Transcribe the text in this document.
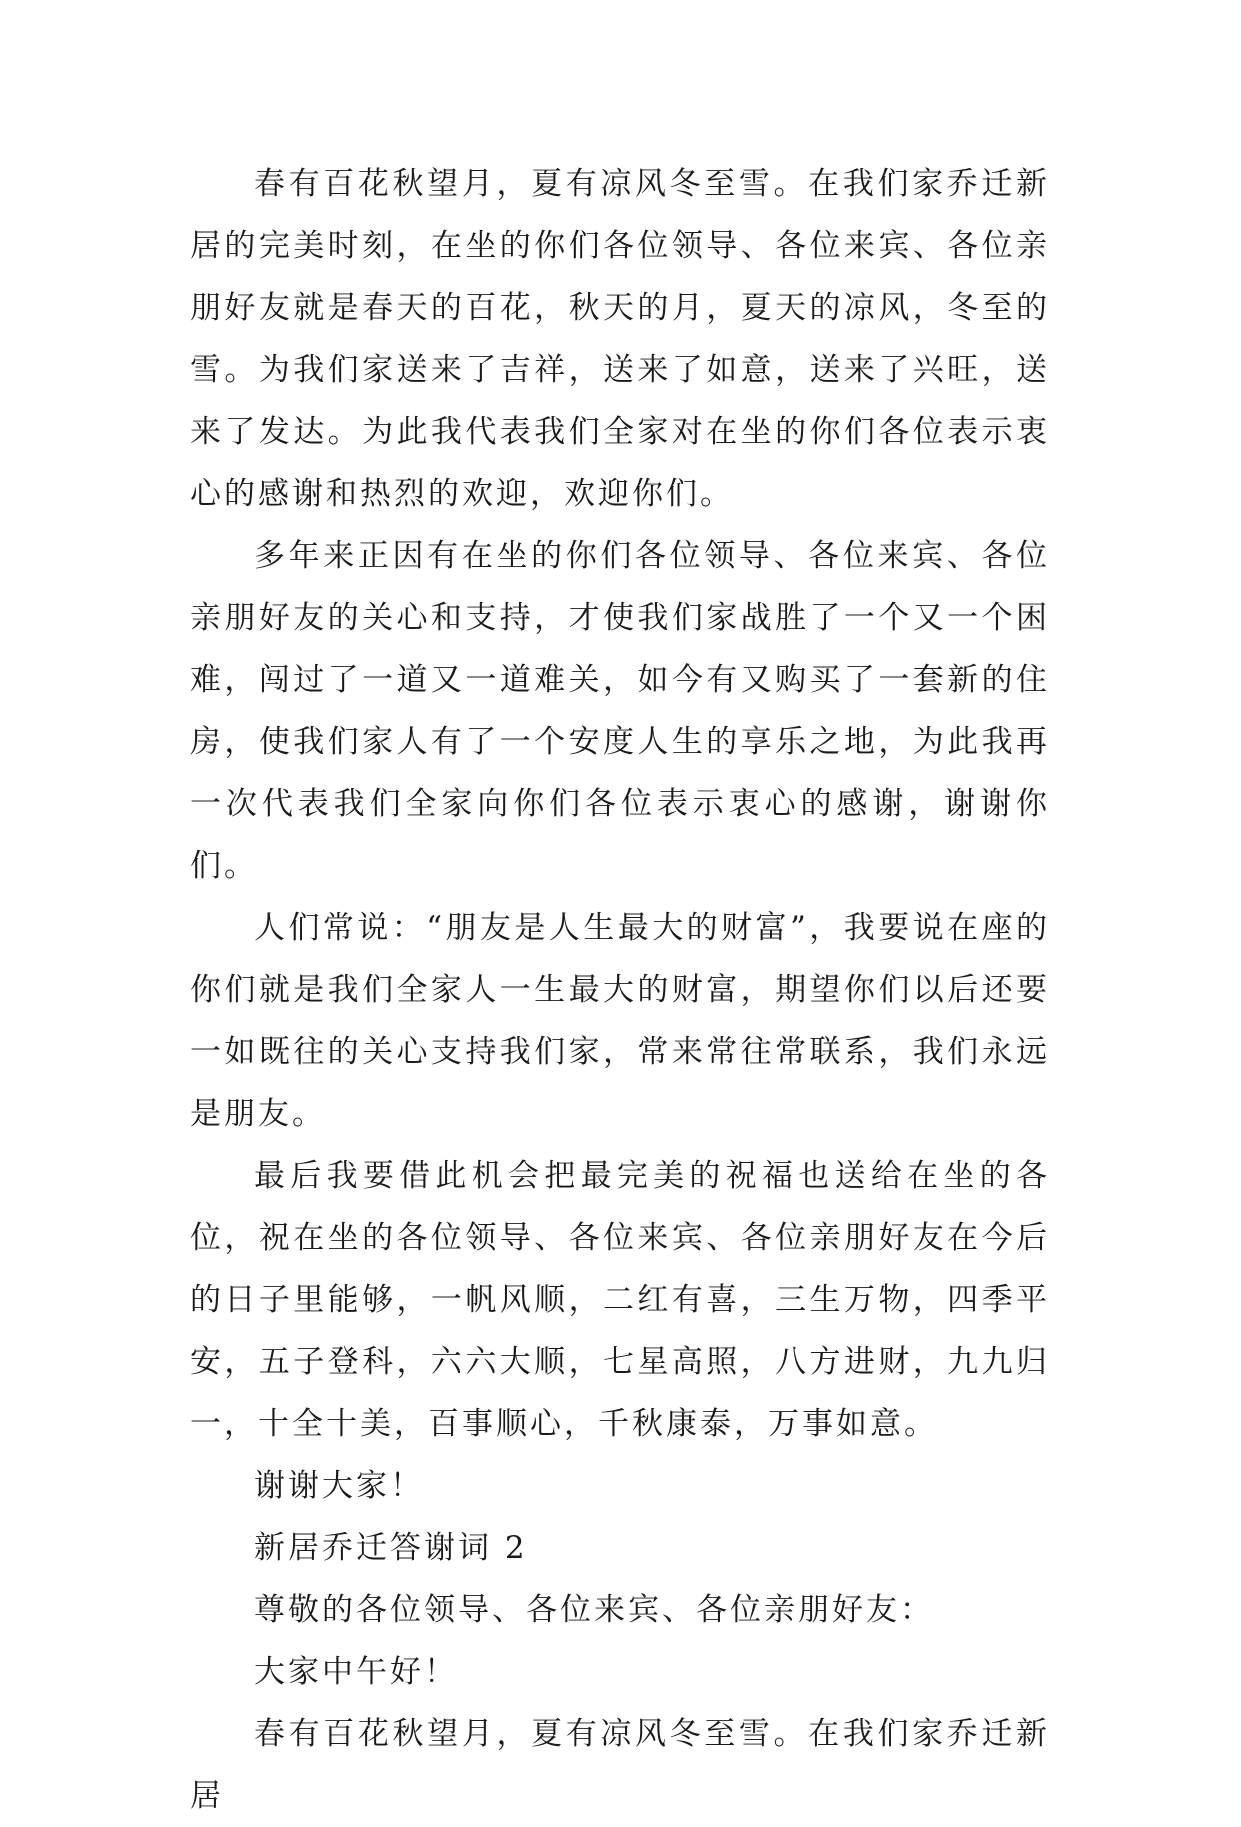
春有百花秋望月，夏有凉风冬至雪。在我们家乔迁新居的完美时刻，在坐的你们各位领导、各位来宾、各位亲朋好友就是春天的百花，秋天的月，夏天的凉风，冬至的雪。为我们家送来了吉祥，送来了如意，送来了兴旺，送来了发达。为此我代表我们全家对在坐的你们各位表示衷心的感谢和热烈的欢迎，欢迎你们。

多年来正因有在坐的你们各位领导、各位来宾、各位亲朋好友的关心和支持，才使我们家战胜了一个又一个困难，闯过了一道又一道难关，如今有又购买了一套新的住房，使我们家人有了一个安度人生的享乐之地，为此我再一次代表我们全家向你们各位表示衷心的感谢，谢谢你们。

人们常说：“朋友是人生最大的财富”，我要说在座的你们就是我们全家人一生最大的财富，期望你们以后还要一如既往的关心支持我们家，常来常往常联系，我们永远是朋友。

最后我要借此机会把最完美的祝福也送给在坐的各位，祝在坐的各位领导、各位来宾、各位亲朋好友在今后的日子里能够，一帆风顺，二红有喜，三生万物，四季平安，五子登科，六六大顺，七星高照，八方进财，九九归一，十全十美，百事顺心，千秋康泰，万事如意。

谢谢大家！

新居乔迁答谢词 2

尊敬的各位领导、各位来宾、各位亲朋好友：

大家中午好！

春有百花秋望月，夏有凉风冬至雪。在我们家乔迁新居
